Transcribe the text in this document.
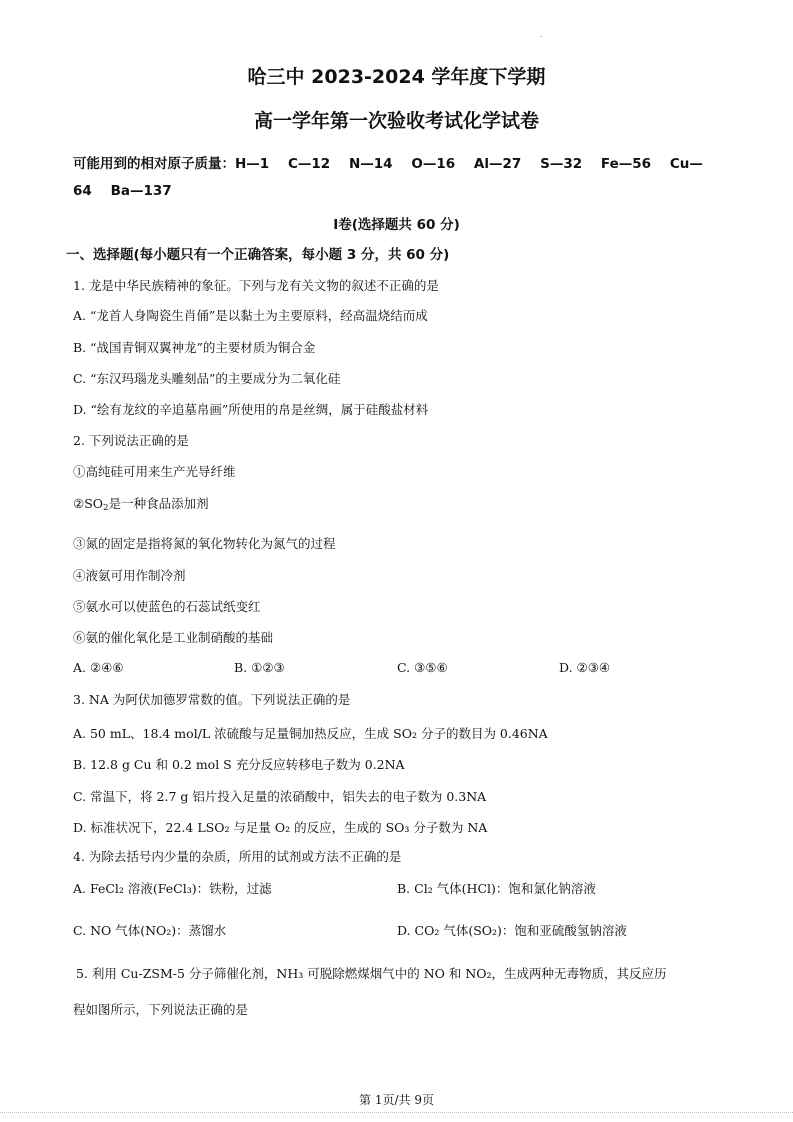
.
哈三中 2023-2024 学年度下学期
高一学年第一次验收考试化学试卷
可能用到的相对原子质量：H—1    C—12    N—14    O—16    Al—27    S—32    Fe—56    Cu—
64    Ba—137
Ⅰ卷(选择题共 60 分)
一、选择题(每小题只有一个正确答案，每小题 3 分，共 60 分)
1. 龙是中华民族精神的象征。下列与龙有关文物的叙述不正确的是
A. “龙首人身陶瓷生肖俑”是以黏土为主要原料，经高温烧结而成
B. “战国青铜双翼神龙”的主要材质为铜合金
C. “东汉玛瑙龙头雕刻品”的主要成分为二氧化硅
D. “绘有龙纹的辛追墓帛画”所使用的帛是丝绸，属于硅酸盐材料
2. 下列说法正确的是
①高纯硅可用来生产光导纤维
$②SO_2$是一种食品添加剂
③氮的固定是指将氮的氧化物转化为氮气的过程
④液氨可用作制冷剂
⑤氨水可以使蓝色的石蕊试纸变红
⑥氨的催化氧化是工业制硝酸的基础
A. ②④⑥	B. ①②③	C. ③⑤⑥	D. ②③④
3. NA 为阿伏加德罗常数的值。下列说法正确的是
A. 50 mL、18.4 mol/L 浓硫酸与足量铜加热反应，生成 SO₂ 分子的数目为 0.46NA
B. 12.8 g Cu 和 0.2 mol S 充分反应转移电子数为 0.2NA
C. 常温下，将 2.7 g 铝片投入足量的浓硝酸中，铝失去的电子数为 0.3NA
D. 标准状况下，22.4 LSO₂ 与足量 O₂ 的反应，生成的 SO₃ 分子数为 NA
4. 为除去括号内少量的杂质，所用的试剂或方法不正确的是
A. FeCl₂ 溶液(FeCl₃)：铁粉，过滤	B. Cl₂ 气体(HCl)：饱和氯化钠溶液
C. NO 气体(NO₂)：蒸馏水	D. CO₂ 气体(SO₂)：饱和亚硫酸氢钠溶液
5. 利用 Cu-ZSM-5 分子筛催化剂，NH₃ 可脱除燃煤烟气中的 NO 和 NO₂，生成两种无毒物质，其反应历
程如图所示，下列说法正确的是
第 1页/共 9页
